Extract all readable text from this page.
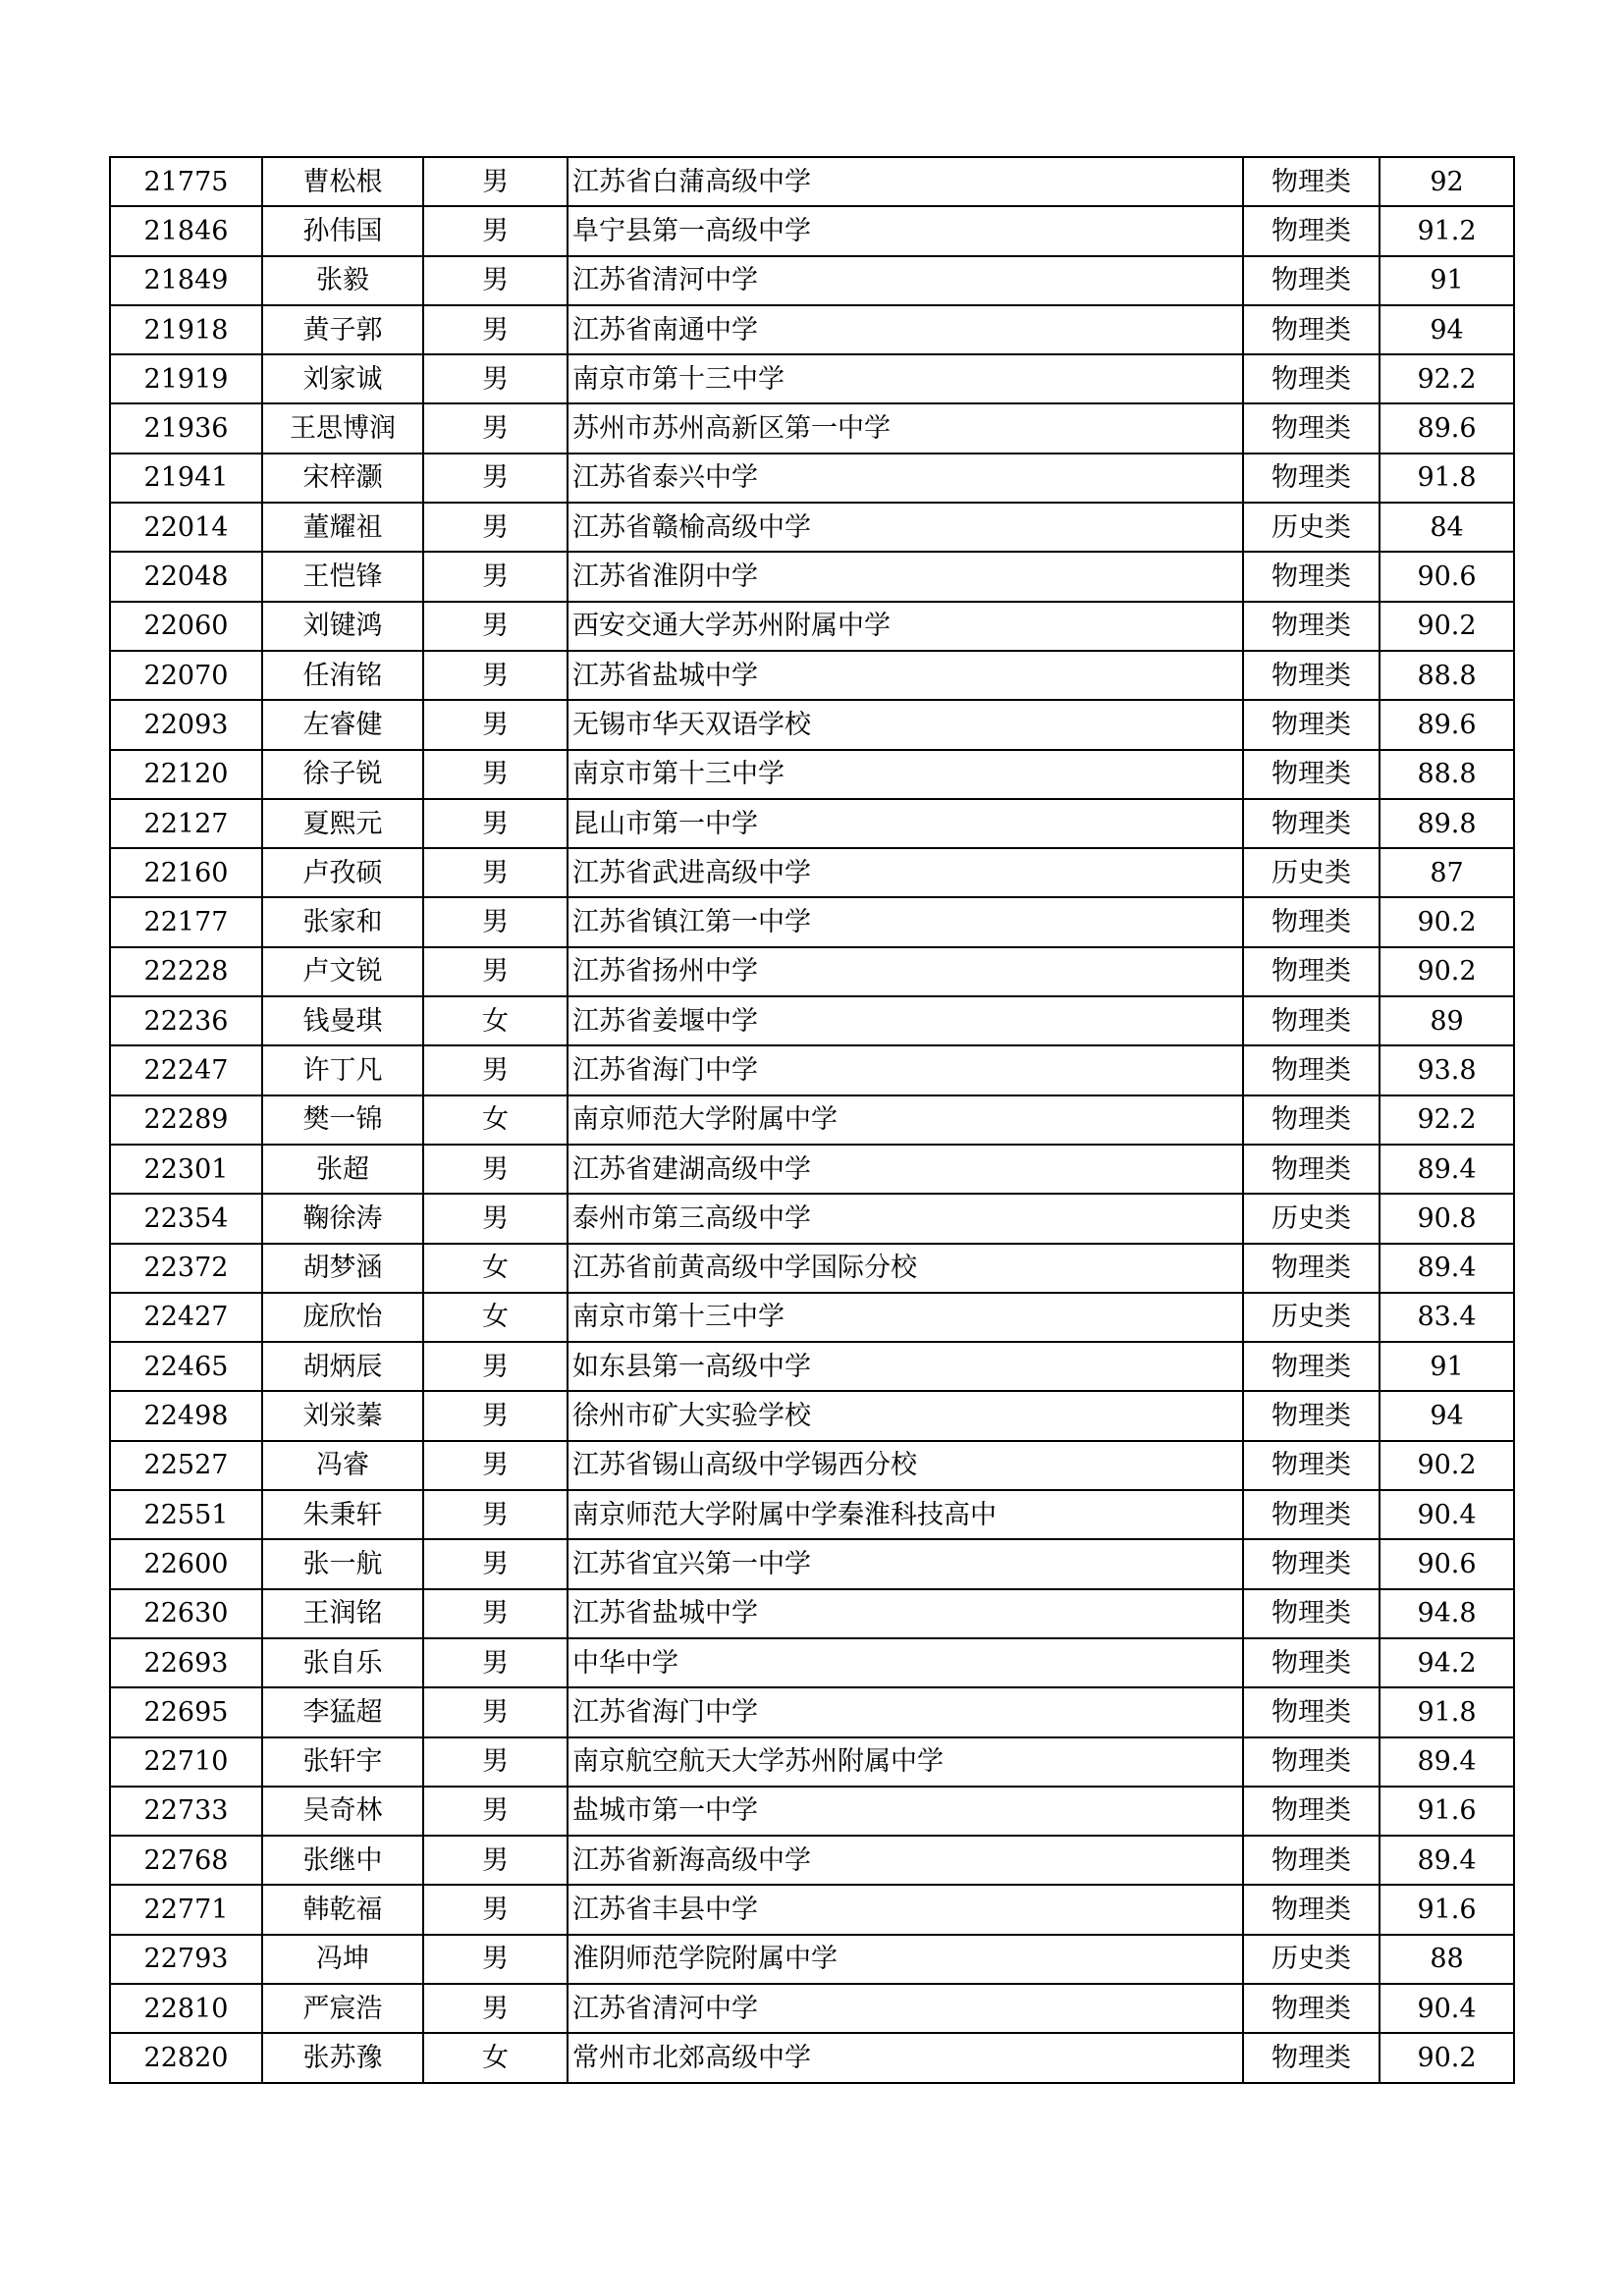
21775	曹松根	男	江苏省白蒲高级中学	物理类	92
21846	孙伟国	男	阜宁县第一高级中学	物理类	91.2
21849	张毅	男	江苏省清河中学	物理类	91
21918	黄子郭	男	江苏省南通中学	物理类	94
21919	刘家诚	男	南京市第十三中学	物理类	92.2
21936	王思博润	男	苏州市苏州高新区第一中学	物理类	89.6
21941	宋梓灏	男	江苏省泰兴中学	物理类	91.8
22014	董耀祖	男	江苏省赣榆高级中学	历史类	84
22048	王恺锋	男	江苏省淮阴中学	物理类	90.6
22060	刘键鸿	男	西安交通大学苏州附属中学	物理类	90.2
22070	任洧铭	男	江苏省盐城中学	物理类	88.8
22093	左睿健	男	无锡市华天双语学校	物理类	89.6
22120	徐子锐	男	南京市第十三中学	物理类	88.8
22127	夏熙元	男	昆山市第一中学	物理类	89.8
22160	卢孜硕	男	江苏省武进高级中学	历史类	87
22177	张家和	男	江苏省镇江第一中学	物理类	90.2
22228	卢文锐	男	江苏省扬州中学	物理类	90.2
22236	钱曼琪	女	江苏省姜堰中学	物理类	89
22247	许丁凡	男	江苏省海门中学	物理类	93.8
22289	樊一锦	女	南京师范大学附属中学	物理类	92.2
22301	张超	男	江苏省建湖高级中学	物理类	89.4
22354	鞠徐涛	男	泰州市第三高级中学	历史类	90.8
22372	胡梦涵	女	江苏省前黄高级中学国际分校	物理类	89.4
22427	庞欣怡	女	南京市第十三中学	历史类	83.4
22465	胡炳辰	男	如东县第一高级中学	物理类	91
22498	刘泶蓁	男	徐州市矿大实验学校	物理类	94
22527	冯睿	男	江苏省锡山高级中学锡西分校	物理类	90.2
22551	朱秉轩	男	南京师范大学附属中学秦淮科技高中	物理类	90.4
22600	张一航	男	江苏省宜兴第一中学	物理类	90.6
22630	王润铭	男	江苏省盐城中学	物理类	94.8
22693	张自乐	男	中华中学	物理类	94.2
22695	李猛超	男	江苏省海门中学	物理类	91.8
22710	张轩宇	男	南京航空航天大学苏州附属中学	物理类	89.4
22733	吴奇林	男	盐城市第一中学	物理类	91.6
22768	张继中	男	江苏省新海高级中学	物理类	89.4
22771	韩乾福	男	江苏省丰县中学	物理类	91.6
22793	冯坤	男	淮阴师范学院附属中学	历史类	88
22810	严宸浩	男	江苏省清河中学	物理类	90.4
22820	张苏豫	女	常州市北郊高级中学	物理类	90.2
